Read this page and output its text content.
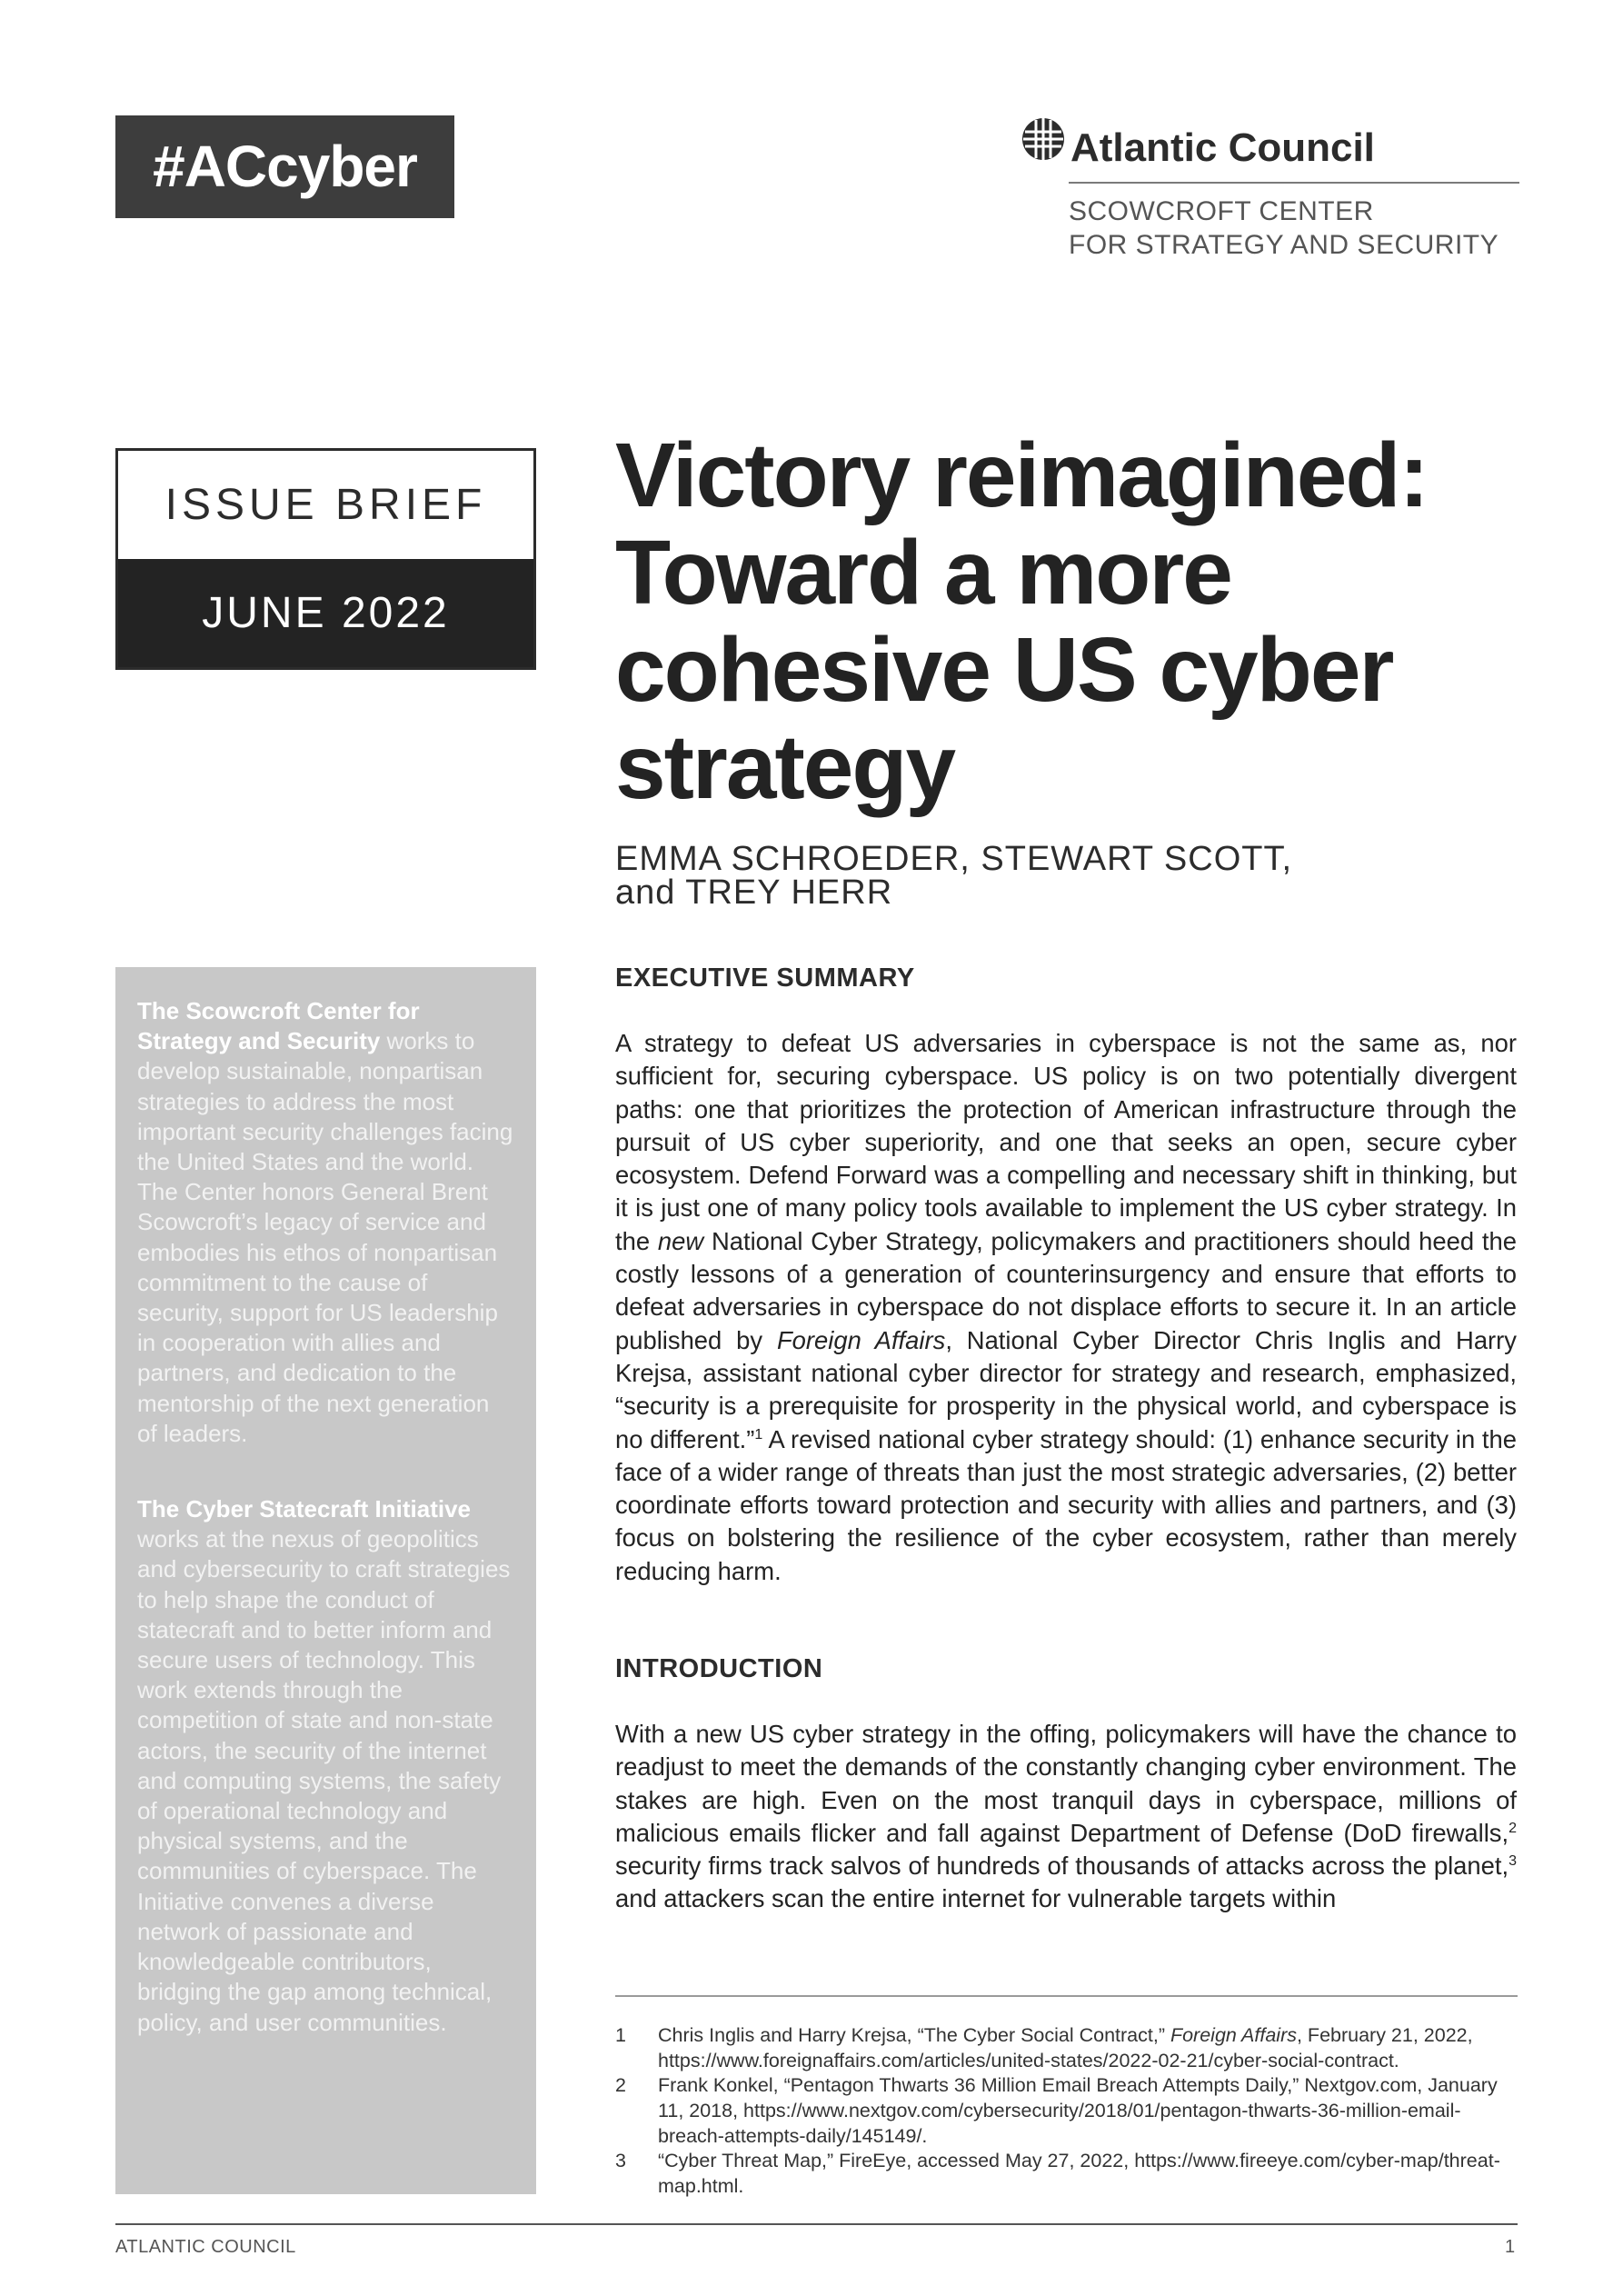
#ACcyber	Atlantic Council
SCOWCROFT CENTER
FOR STRATEGY AND SECURITY
ISSUE BRIEF
JUNE 2022
Victory reimagined: Toward a more cohesive US cyber strategy
EMMA SCHROEDER, STEWART SCOTT,
and TREY HERR

The Scowcroft Center for Strategy and Security works to develop sustainable, nonpartisan strategies to address the most important security challenges facing the United States and the world. The Center honors General Brent Scowcroft’s legacy of service and embodies his ethos of nonpartisan commitment to the cause of security, support for US leadership in cooperation with allies and partners, and dedication to the mentorship of the next generation of leaders.

The Cyber Statecraft Initiative works at the nexus of geopolitics and cybersecurity to craft strategies to help shape the conduct of statecraft and to better inform and secure users of technology. This work extends through the competition of state and non-state actors, the security of the internet and computing systems, the safety of operational technology and physical systems, and the communities of cyberspace. The Initiative convenes a diverse network of passionate and knowledgeable contributors, bridging the gap among technical, policy, and user communities.

EXECUTIVE SUMMARY
A strategy to defeat US adversaries in cyberspace is not the same as, nor sufficient for, securing cyberspace. US policy is on two potentially divergent paths: one that prioritizes the protection of American infrastructure through the pursuit of US cyber superiority, and one that seeks an open, secure cyber ecosystem. Defend Forward was a compelling and necessary shift in thinking, but it is just one of many policy tools available to implement the US cyber strategy. In the new National Cyber Strategy, policymakers and practitioners should heed the costly lessons of a generation of counterinsurgency and ensure that efforts to defeat adversaries in cyberspace do not displace efforts to secure it. In an article published by Foreign Affairs, National Cyber Director Chris Inglis and Harry Krejsa, assistant national cyber director for strategy and research, emphasized, “security is a prerequisite for prosperity in the physical world, and cyberspace is no different.”$^1$ A revised national cyber strategy should: (1) enhance security in the face of a wider range of threats than just the most strategic adversaries, (2) better coordinate efforts toward protection and security with allies and partners, and (3) focus on bolstering the resilience of the cyber ecosystem, rather than merely reducing harm.
INTRODUCTION
With a new US cyber strategy in the offing, policymakers will have the chance to readjust to meet the demands of the constantly changing cyber environment. The stakes are high. Even on the most tranquil days in cyberspace, millions of malicious emails flicker and fall against Department of Defense (DoD firewalls,$^2$ security firms track salvos of hundreds of thousands of attacks across the planet,$^3$ and attackers scan the entire internet for vulnerable targets within
1 Chris Inglis and Harry Krejsa, “The Cyber Social Contract,” Foreign Affairs, February 21, 2022, https://www.foreignaffairs.com/articles/united-states/2022-02-21/cyber-social-contract.
2 Frank Konkel, “Pentagon Thwarts 36 Million Email Breach Attempts Daily,” Nextgov.com, January 11, 2018, https://www.nextgov.com/cybersecurity/2018/01/pentagon-thwarts-36-million-email-breach-attempts-daily/145149/.
3 “Cyber Threat Map,” FireEye, accessed May 27, 2022, https://www.fireeye.com/cyber-map/threat-map.html.
ATLANTIC COUNCIL	1
